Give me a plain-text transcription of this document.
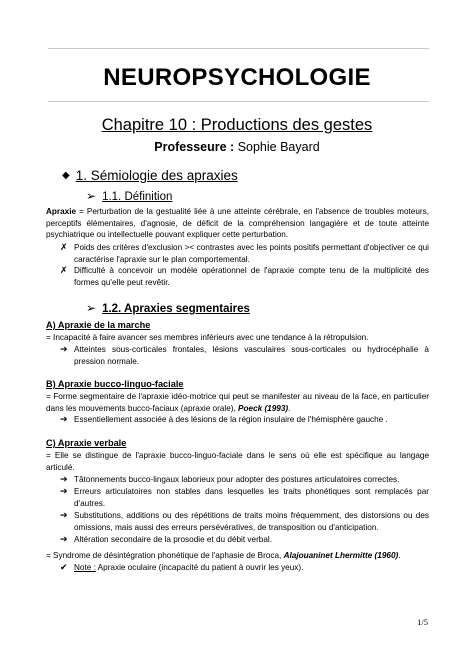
NEUROPSYCHOLOGIE
Chapitre 10 : Productions des gestes
Professeure : Sophie Bayard
◆ 1. Sémiologie des apraxies
➢ 1.1. Définition
Apraxie = Perturbation de la gestualité liée à une atteinte cérébrale, en l'absence de troubles moteurs, perceptifs élémentaires, d'agnosie, de déficit de la compréhension langagière et de toute atteinte psychiatrique ou intellectuelle pouvant expliquer cette perturbation.
✗ Poids des critères d'exclusion >< contrastes avec les points positifs permettant d'objectiver ce qui caractérise l'apraxie sur le plan comportemental.
✗ Difficulté à concevoir un modèle opérationnel de l'apraxie compte tenu de la multiplicité des formes qu'elle peut revêtir.
➢ 1.2. Apraxies segmentaires
A) Apraxie de la marche
= Incapacité à faire avancer ses membres inférieurs avec une tendance à la rétropulsion.
➔ Atteintes sous-corticales frontales, lésions vasculaires sous-corticales ou hydrocéphalie à pression normale.
B) Apraxie bucco-linguo-faciale
= Forme segmentaire de l'apraxie idéo-motrice qui peut se manifester au niveau de la face, en particulier dans les mouvements bucco-faciaux (apraxie orale), Poeck (1993).
➔ Essentiellement associée à des lésions de la région insulaire de l'hémisphère gauche .
C) Apraxie verbale
= Elle se distingue de l'apraxie bucco-linguo-faciale dans le sens où elle est spécifique au langage articulé.
➔ Tâtonnements bucco-lingaux laborieux pour adopter des postures articulatoires correctes.
➔ Erreurs articulatoires non stables dans lesquelles les traits phonétiques sont remplacés par d'autres.
➔ Substitutions, additions ou des répétitions de traits moins fréquemment, des distorsions ou des omissions, mais aussi des erreurs persévératives, de transposition ou d'anticipation.
➔ Altération secondaire de la prosodie et du débit verbal.
= Syndrome de désintégration phonétique de l'aphasie de Broca, Alajouaninet Lhermitte (1960).
✔ Note : Apraxie oculaire (incapacité du patient à ouvrir les yeux).
1/5
